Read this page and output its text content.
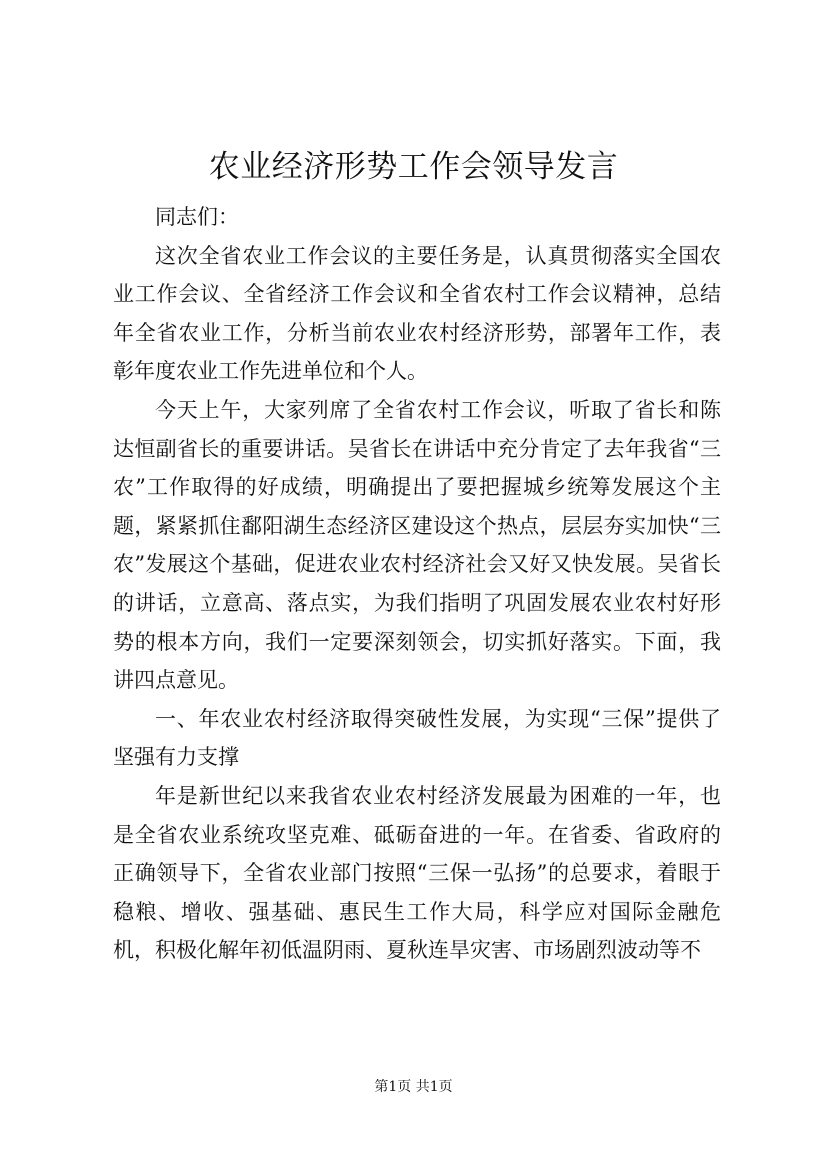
农业经济形势工作会领导发言

同志们：

这次全省农业工作会议的主要任务是，认真贯彻落实全国农业工作会议、全省经济工作会议和全省农村工作会议精神，总结年全省农业工作，分析当前农业农村经济形势，部署年工作，表彰年度农业工作先进单位和个人。

今天上午，大家列席了全省农村工作会议，听取了省长和陈达恒副省长的重要讲话。吴省长在讲话中充分肯定了去年我省“三农”工作取得的好成绩，明确提出了要把握城乡统筹发展这个主题，紧紧抓住鄱阳湖生态经济区建设这个热点，层层夯实加快“三农”发展这个基础，促进农业农村经济社会又好又快发展。吴省长的讲话，立意高、落点实，为我们指明了巩固发展农业农村好形势的根本方向，我们一定要深刻领会，切实抓好落实。下面，我讲四点意见。

一、年农业农村经济取得突破性发展，为实现“三保”提供了坚强有力支撑

年是新世纪以来我省农业农村经济发展最为困难的一年，也是全省农业系统攻坚克难、砥砺奋进的一年。在省委、省政府的正确领导下，全省农业部门按照“三保一弘扬”的总要求，着眼于稳粮、增收、强基础、惠民生工作大局，科学应对国际金融危机，积极化解年初低温阴雨、夏秋连旱灾害、市场剧烈波动等不

第1页 共1页
